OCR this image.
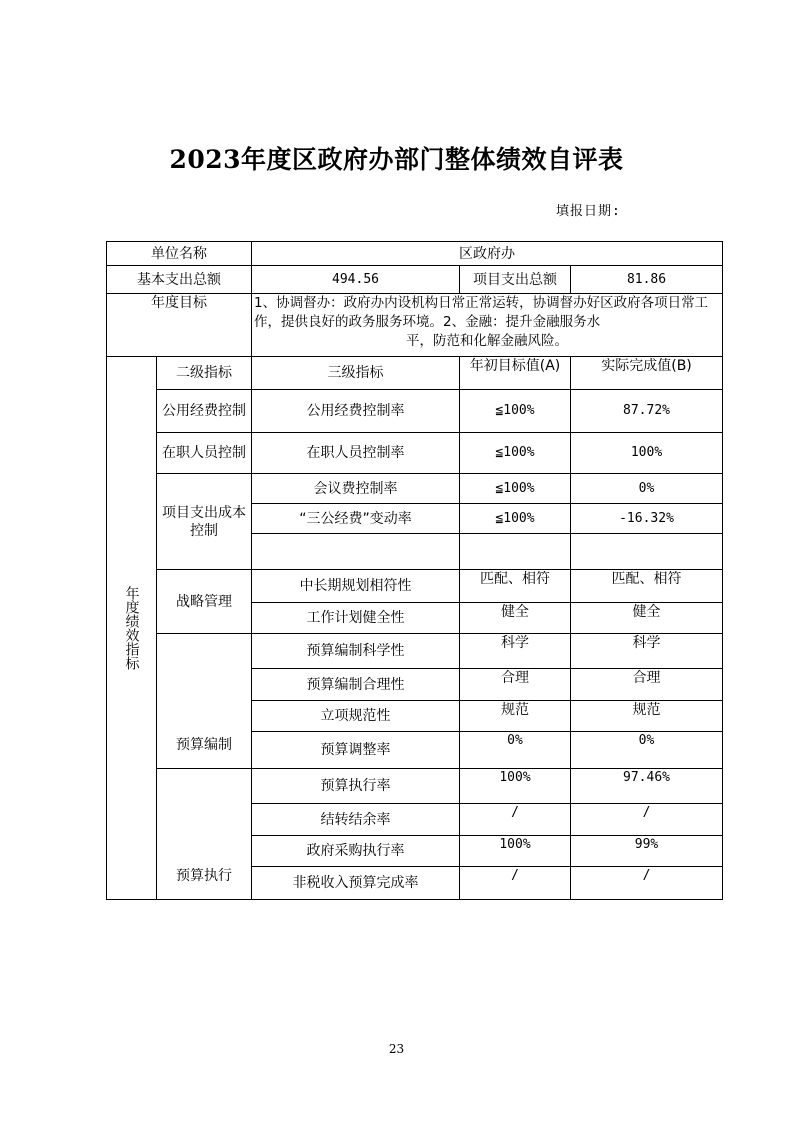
2023年度区政府办部门整体绩效自评表
填报日期:
单位名称		区政府办		
基本支出总额		494.56	项目支出总额	81.86
年度目标		1、协调督办：政府办内设机构日常正常运转，协调督办好区政府各项日常工作，提供良好的政务服务环境。2、金融：提升金融服务水
平，防范和化解金融风险。		

年度绩效指标	二级指标	三级指标	年初目标值(A)	实际完成值(B)
	公用经费控制	公用经费控制率	≦100%	87.72%
	在职人员控制	在职人员控制率	≦100%	100%
	项目支出成本控制	会议费控制率	≦100%	0%
		“三公经费”变动率	≦100%	-16.32%

	战略管理	中长期规划相符性	匹配、相符	匹配、相符
		工作计划健全性	健全	健全
	预算编制	预算编制科学性	科学	科学
		预算编制合理性	合理	合理
		立项规范性	规范	规范
		预算调整率	0%	0%
	预算执行	预算执行率	100%	97.46%
		结转结余率	/	/
		政府采购执行率	100%	99%
		非税收入预算完成率	/	/
23
